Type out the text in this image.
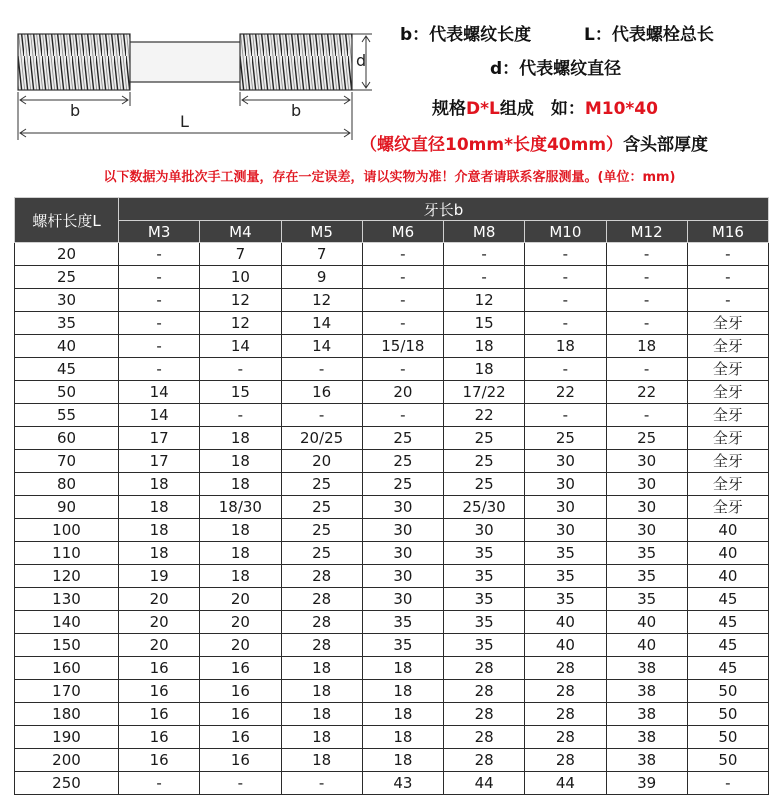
d
b	b
L
b：代表螺纹长度	L：代表螺栓总长
d：代表螺纹直径
规格D*L组成　如：M10*40
（螺纹直径10mm*长度40mm）含头部厚度
以下数据为单批次手工测量，存在一定误差，请以实物为准！介意者请联系客服测量。(单位：mm)
螺杆长度L	牙长b							
	M3	M4	M5	M6	M8	M10	M12	M16
20	-	7	7	-	-	-	-	-
25	-	10	9	-	-	-	-	-
30	-	12	12	-	12	-	-	-
35	-	12	14	-	15	-	-	全牙
40	-	14	14	15/18	18	18	18	全牙
45	-	-	-	-	18	-	-	全牙
50	14	15	16	20	17/22	22	22	全牙
55	14	-	-	-	22	-	-	全牙
60	17	18	20/25	25	25	25	25	全牙
70	17	18	20	25	25	30	30	全牙
80	18	18	25	25	25	30	30	全牙
90	18	18/30	25	30	25/30	30	30	全牙
100	18	18	25	30	30	30	30	40
110	18	18	25	30	35	35	35	40
120	19	18	28	30	35	35	35	40
130	20	20	28	30	35	35	35	45
140	20	20	28	35	35	40	40	45
150	20	20	28	35	35	40	40	45
160	16	16	18	18	28	28	38	45
170	16	16	18	18	28	28	38	50
180	16	16	18	18	28	28	38	50
190	16	16	18	18	28	28	38	50
200	16	16	18	18	28	28	38	50
250	-	-	-	43	44	44	39	-
